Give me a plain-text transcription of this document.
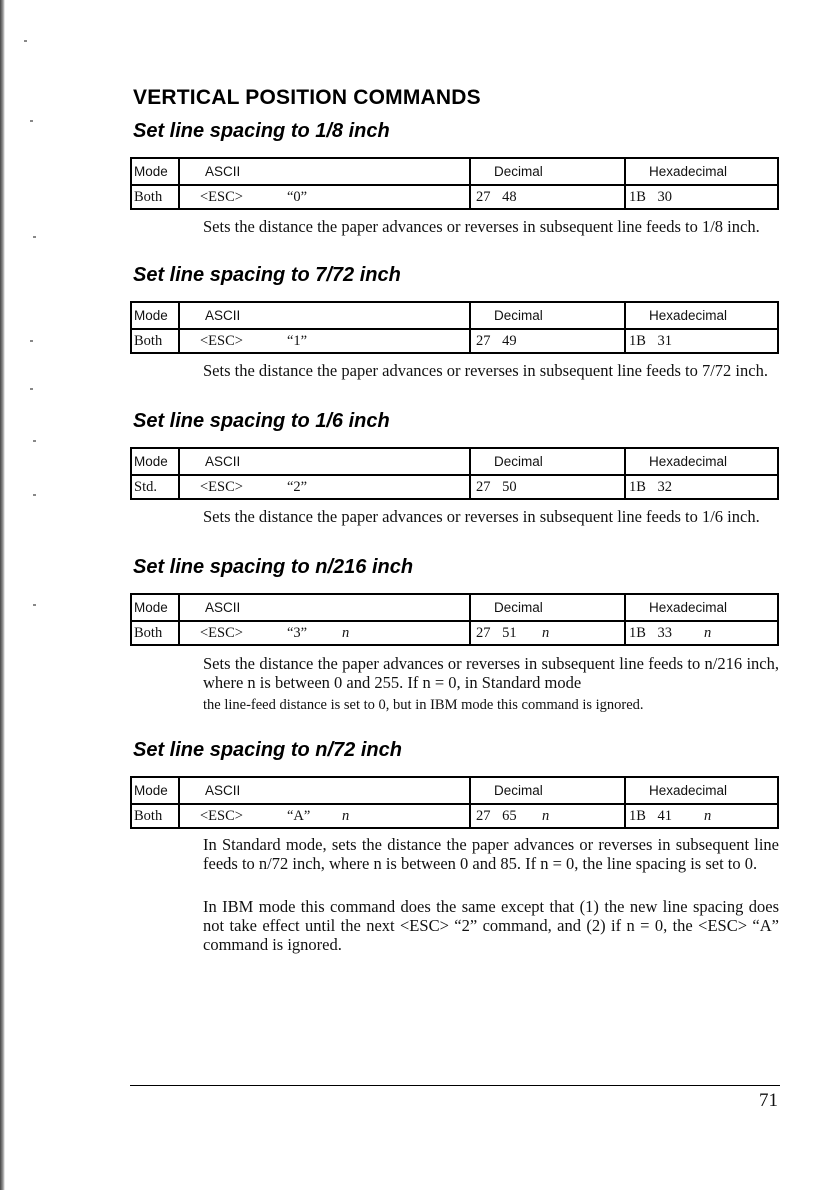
VERTICAL POSITION COMMANDS
Set line spacing to 1/8 inch
Mode	ASCII	Decimal	Hexadecimal
Both	<ESC>	“0”	27 48	1B 30

Sets the distance the paper advances or reverses in subsequent line feeds to 1/8 inch.

Set line spacing to 7/72 inch
Mode	ASCII	Decimal	Hexadecimal
Both	<ESC>	“1”	27 49	1B 31

Sets the distance the paper advances or reverses in subsequent line feeds to 7/72 inch.

Set line spacing to 1/6 inch
Mode	ASCII	Decimal	Hexadecimal
Std.	<ESC>	“2”	27 50	1B 32

Sets the distance the paper advances or reverses in subsequent line feeds to 1/6 inch.

Set line spacing to n/216 inch
Mode	ASCII	Decimal	Hexadecimal
Both	<ESC>	“3” n	27 51 n	1B 33 n

Sets the distance the paper advances or reverses in subsequent line feeds to n/216 inch, where n is between 0 and 255. If n = 0, in Standard mode

the line-feed distance is set to 0, but in IBM mode this command is ignored.

Set line spacing to n/72 inch
Mode	ASCII	Decimal	Hexadecimal
Both	<ESC>	“A” n	27 65 n	1B 41 n

In Standard mode, sets the distance the paper advances or reverses in subsequent line feeds to n/72 inch, where n is between 0 and 85. If n = 0, the line spacing is set to 0.

In IBM mode this command does the same except that (1) the new line spacing does not take effect until the next <ESC> “2” command, and (2) if n = 0, the <ESC> “A” command is ignored.

71
